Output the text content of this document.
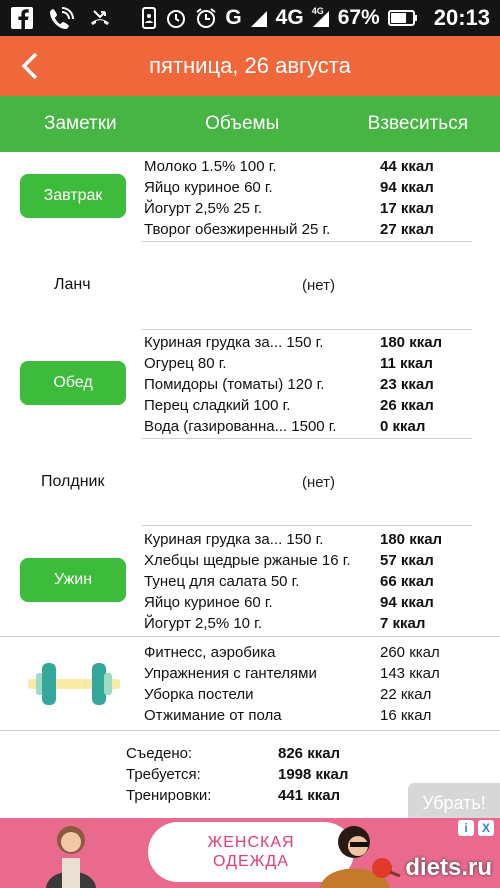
G 4G 4G 67% 20:13
пятница, 26 августа
Заметки	Объемы	Взвеситься
Завтрак
Молоко 1.5% 100 г.	44 ккал
Яйцо куриное 60 г.	94 ккал
Йогурт 2,5% 25 г.	17 ккал
Творог обезжиренный 25 г.	27 ккал
Ланч	(нет)
Обед
Куриная грудка за... 150 г.	180 ккал
Огурец 80 г.	11 ккал
Помидоры (томаты) 120 г.	23 ккал
Перец сладкий 100 г.	26 ккал
Вода (газированна... 1500 г.	0 ккал
Полдник	(нет)
Ужин
Куриная грудка за... 150 г.	180 ккал
Хлебцы щедрые ржаные 16 г. 57 ккал
Тунец для салата 50 г.	66 ккал
Яйцо куриное 60 г.	94 ккал
Йогурт 2,5% 10 г.	7 ккал
Фитнесс, аэробика	260 ккал
Упражнения с гантелями	143 ккал
Уборка постели	22 ккал
Отжимание от пола	16 ккал
Съедено:	826 ккал
Требуется:	1998 ккал
Тренировки:	441 ккал	Убрать!
ЖЕНСКАЯ
ОДЕЖДА
i	X
diets.ru
